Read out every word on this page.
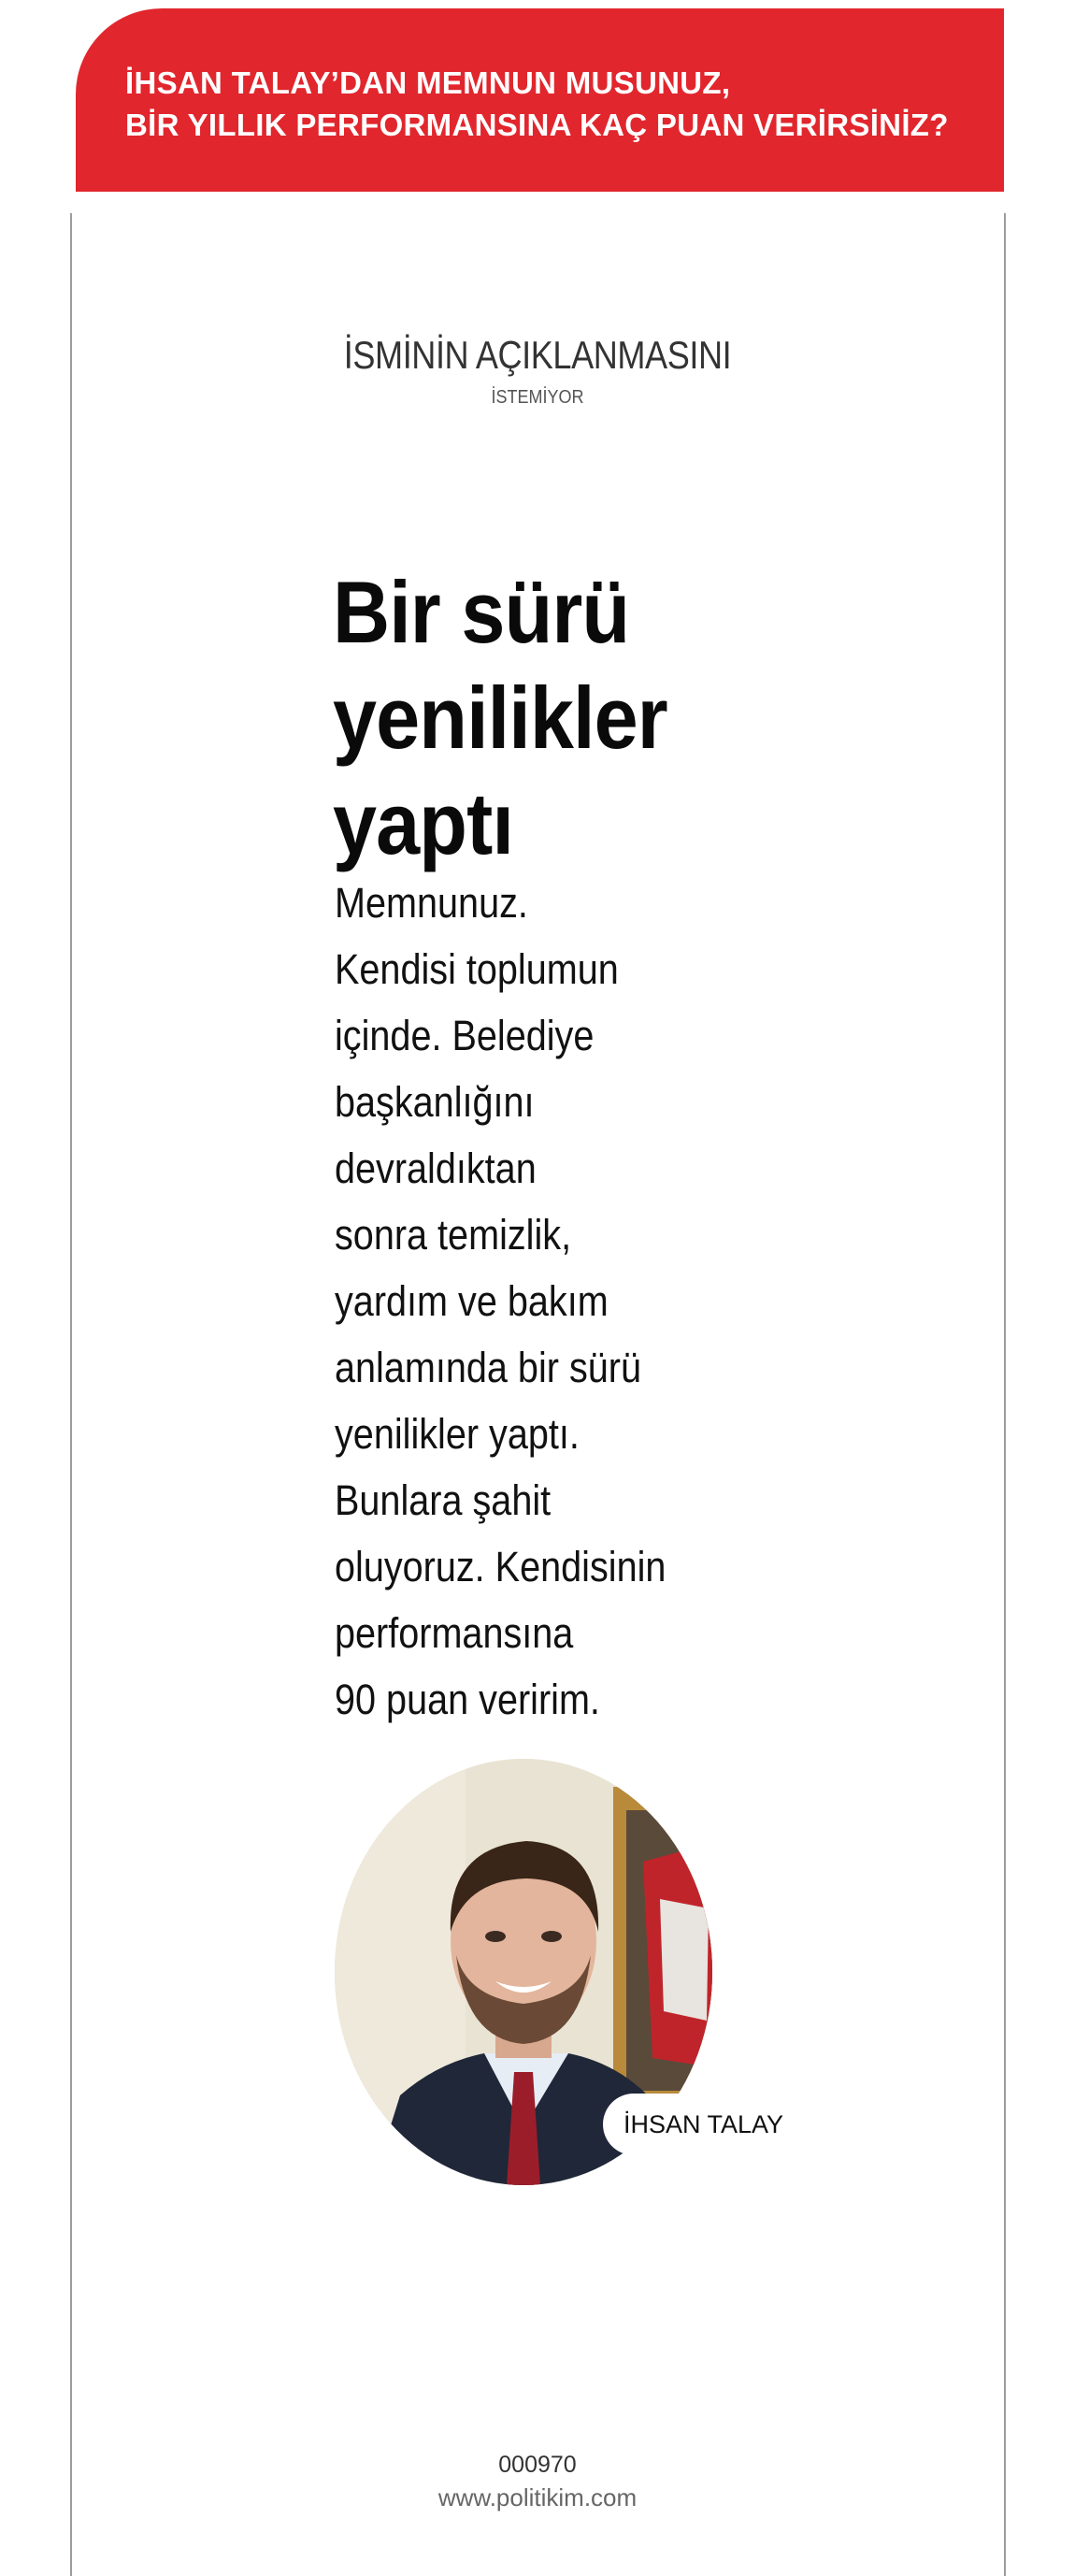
İHSAN TALAY’DAN MEMNUN MUSUNUZ,
BİR YILLIK PERFORMANSINA KAÇ PUAN VERİRSİNİZ?
İSMİNİN AÇIKLANMASINI
İSTEMİYOR
Bir sürü
yenilikler
yaptı
Memnunuz.
Kendisi toplumun
içinde. Belediye
başkanlığını
devraldıktan
sonra temizlik,
yardım ve bakım
anlamında bir sürü
yenilikler yaptı.
Bunlara şahit
oluyoruz. Kendisinin
performansına
90 puan veririm.
İHSAN TALAY
000970
www.politikim.com
